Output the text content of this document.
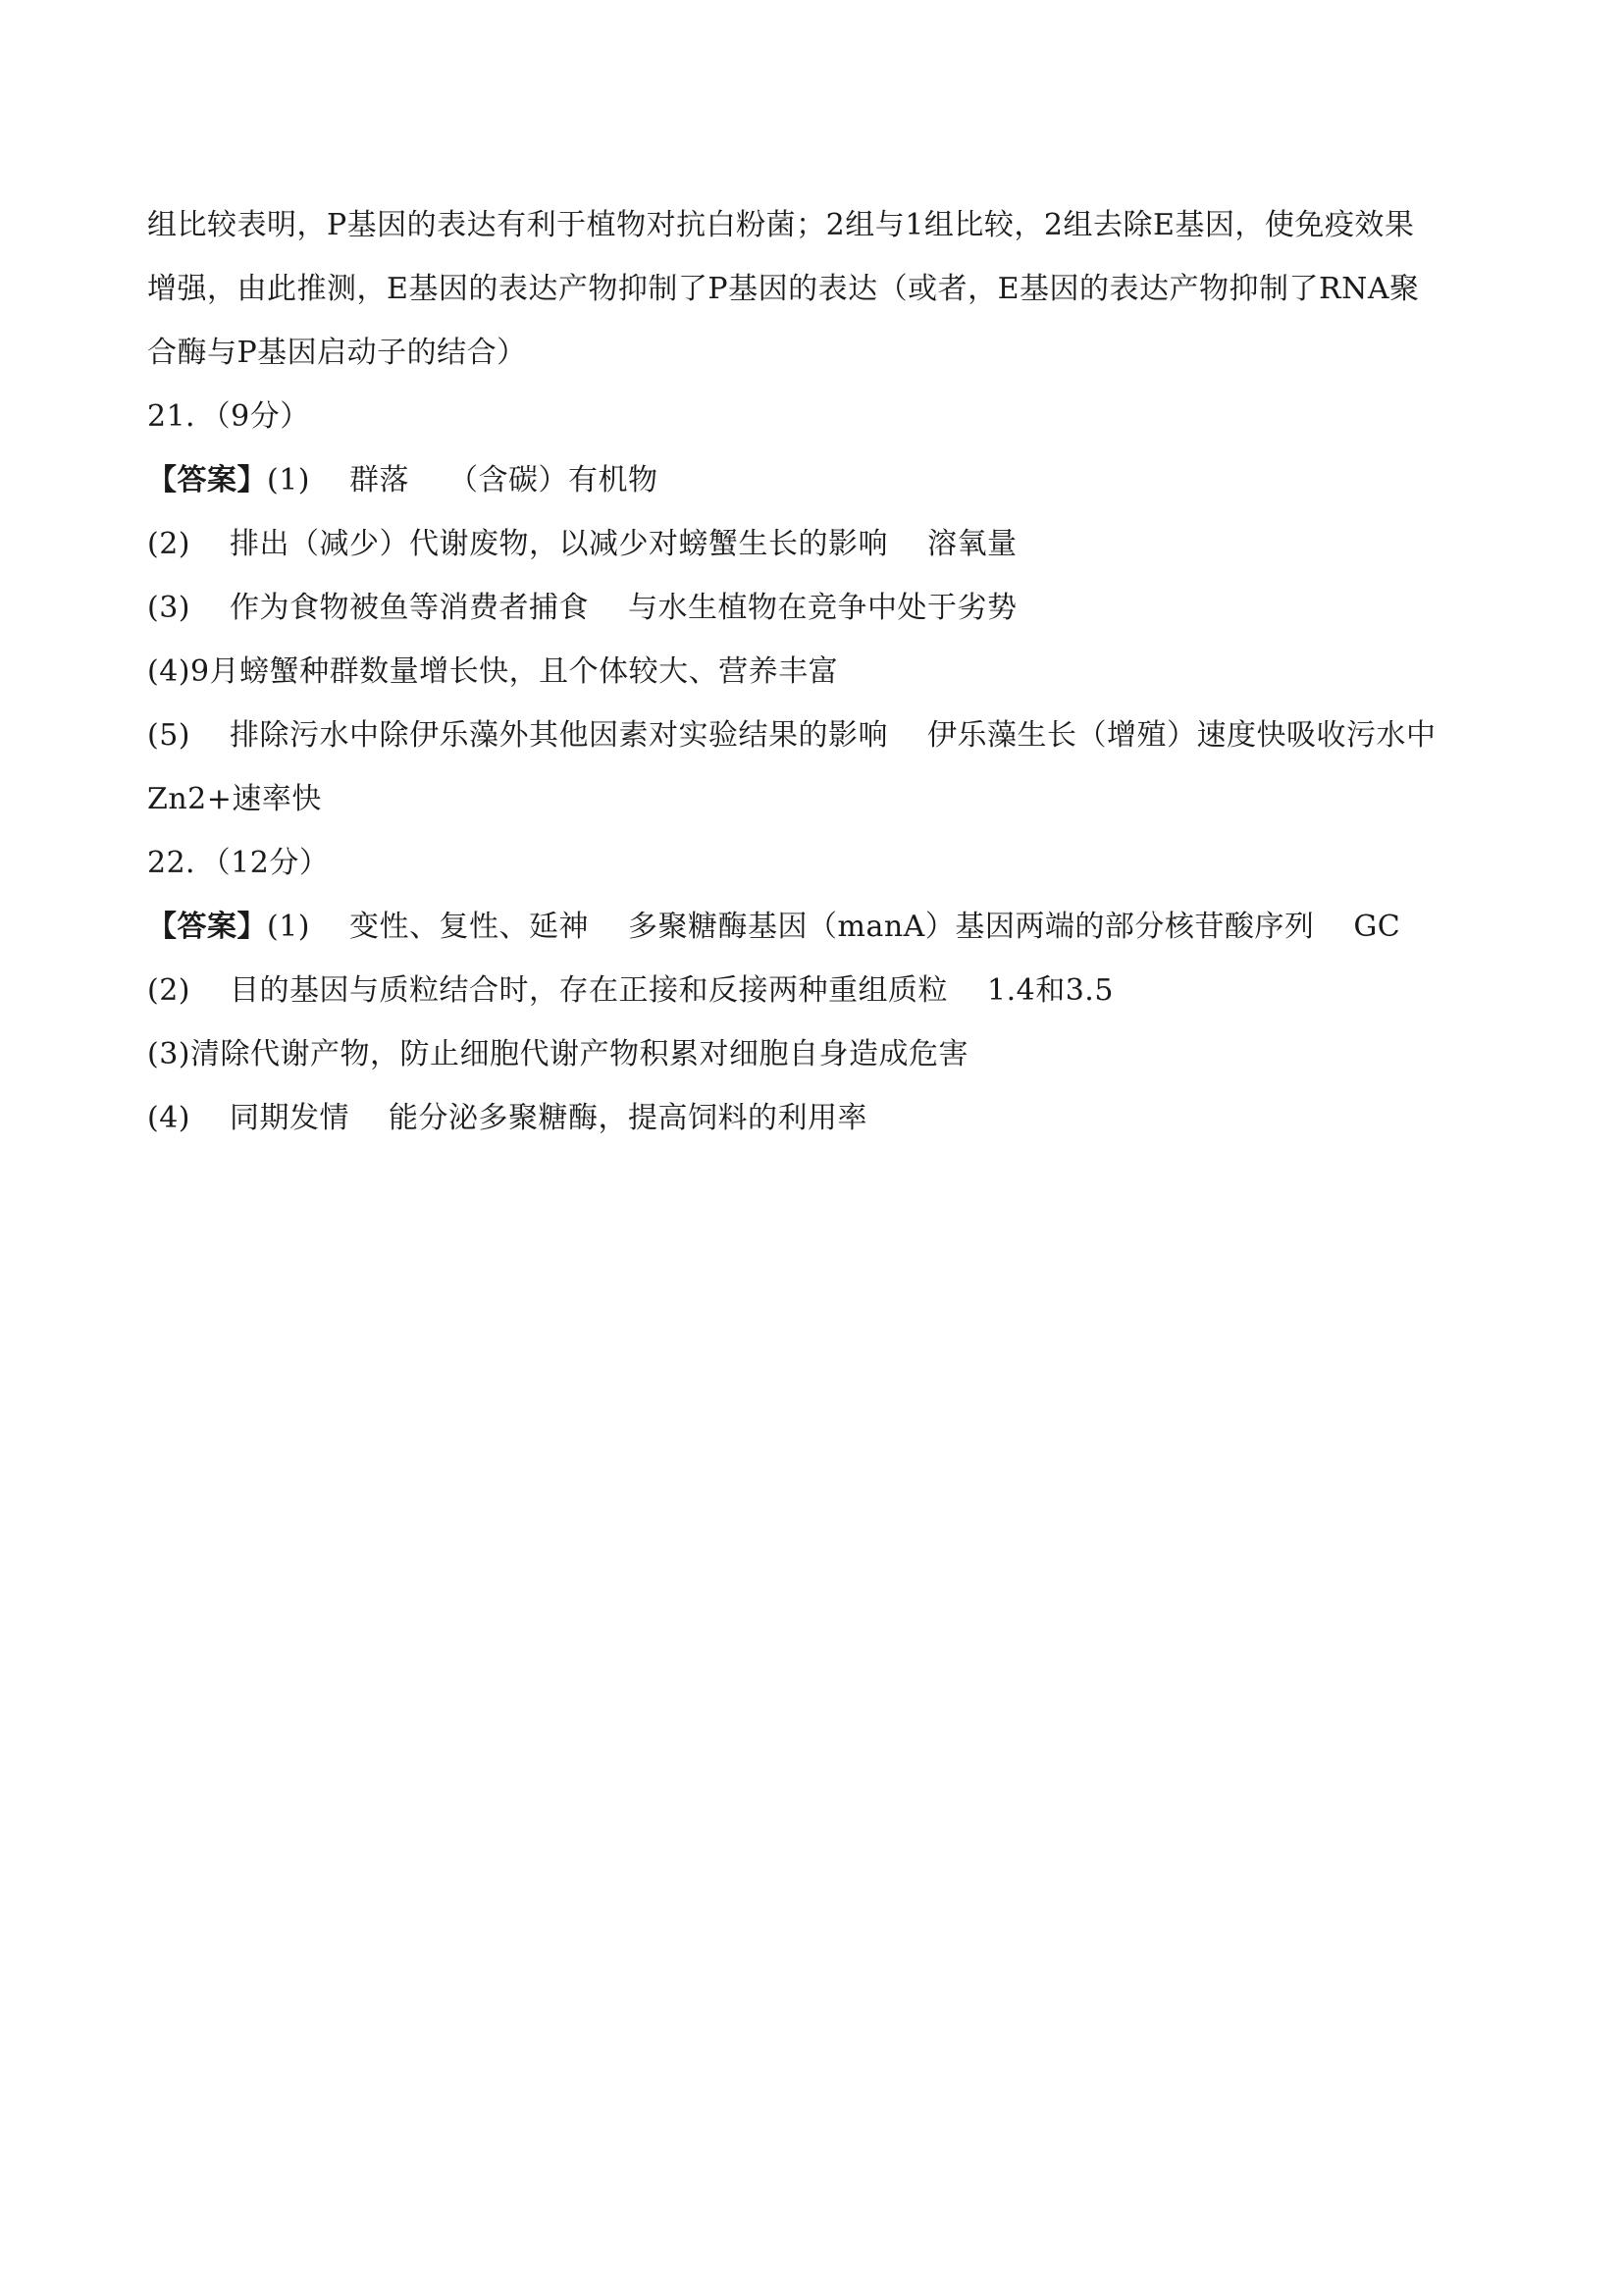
组比较表明，P基因的表达有利于植物对抗白粉菌；2组与1组比较，2组去除E基因，使免疫效果
增强，由此推测，E基因的表达产物抑制了P基因的表达（或者，E基因的表达产物抑制了RNA聚
合酶与P基因启动子的结合）
21．（9分）
【答案】(1) 群落 （含碳）有机物
(2) 排出（减少）代谢废物，以减少对螃蟹生长的影响 溶氧量
(3) 作为食物被鱼等消费者捕食 与水生植物在竞争中处于劣势
(4)9月螃蟹种群数量增长快，且个体较大、营养丰富
(5) 排除污水中除伊乐藻外其他因素对实验结果的影响 伊乐藻生长（增殖）速度快吸收污水中
Zn2+速率快
22．（12分）
【答案】(1) 变性、复性、延神 多聚糖酶基因（manA）基因两端的部分核苷酸序列 GC
(2) 目的基因与质粒结合时，存在正接和反接两种重组质粒 1.4和3.5
(3)清除代谢产物，防止细胞代谢产物积累对细胞自身造成危害
(4) 同期发情 能分泌多聚糖酶，提高饲料的利用率
